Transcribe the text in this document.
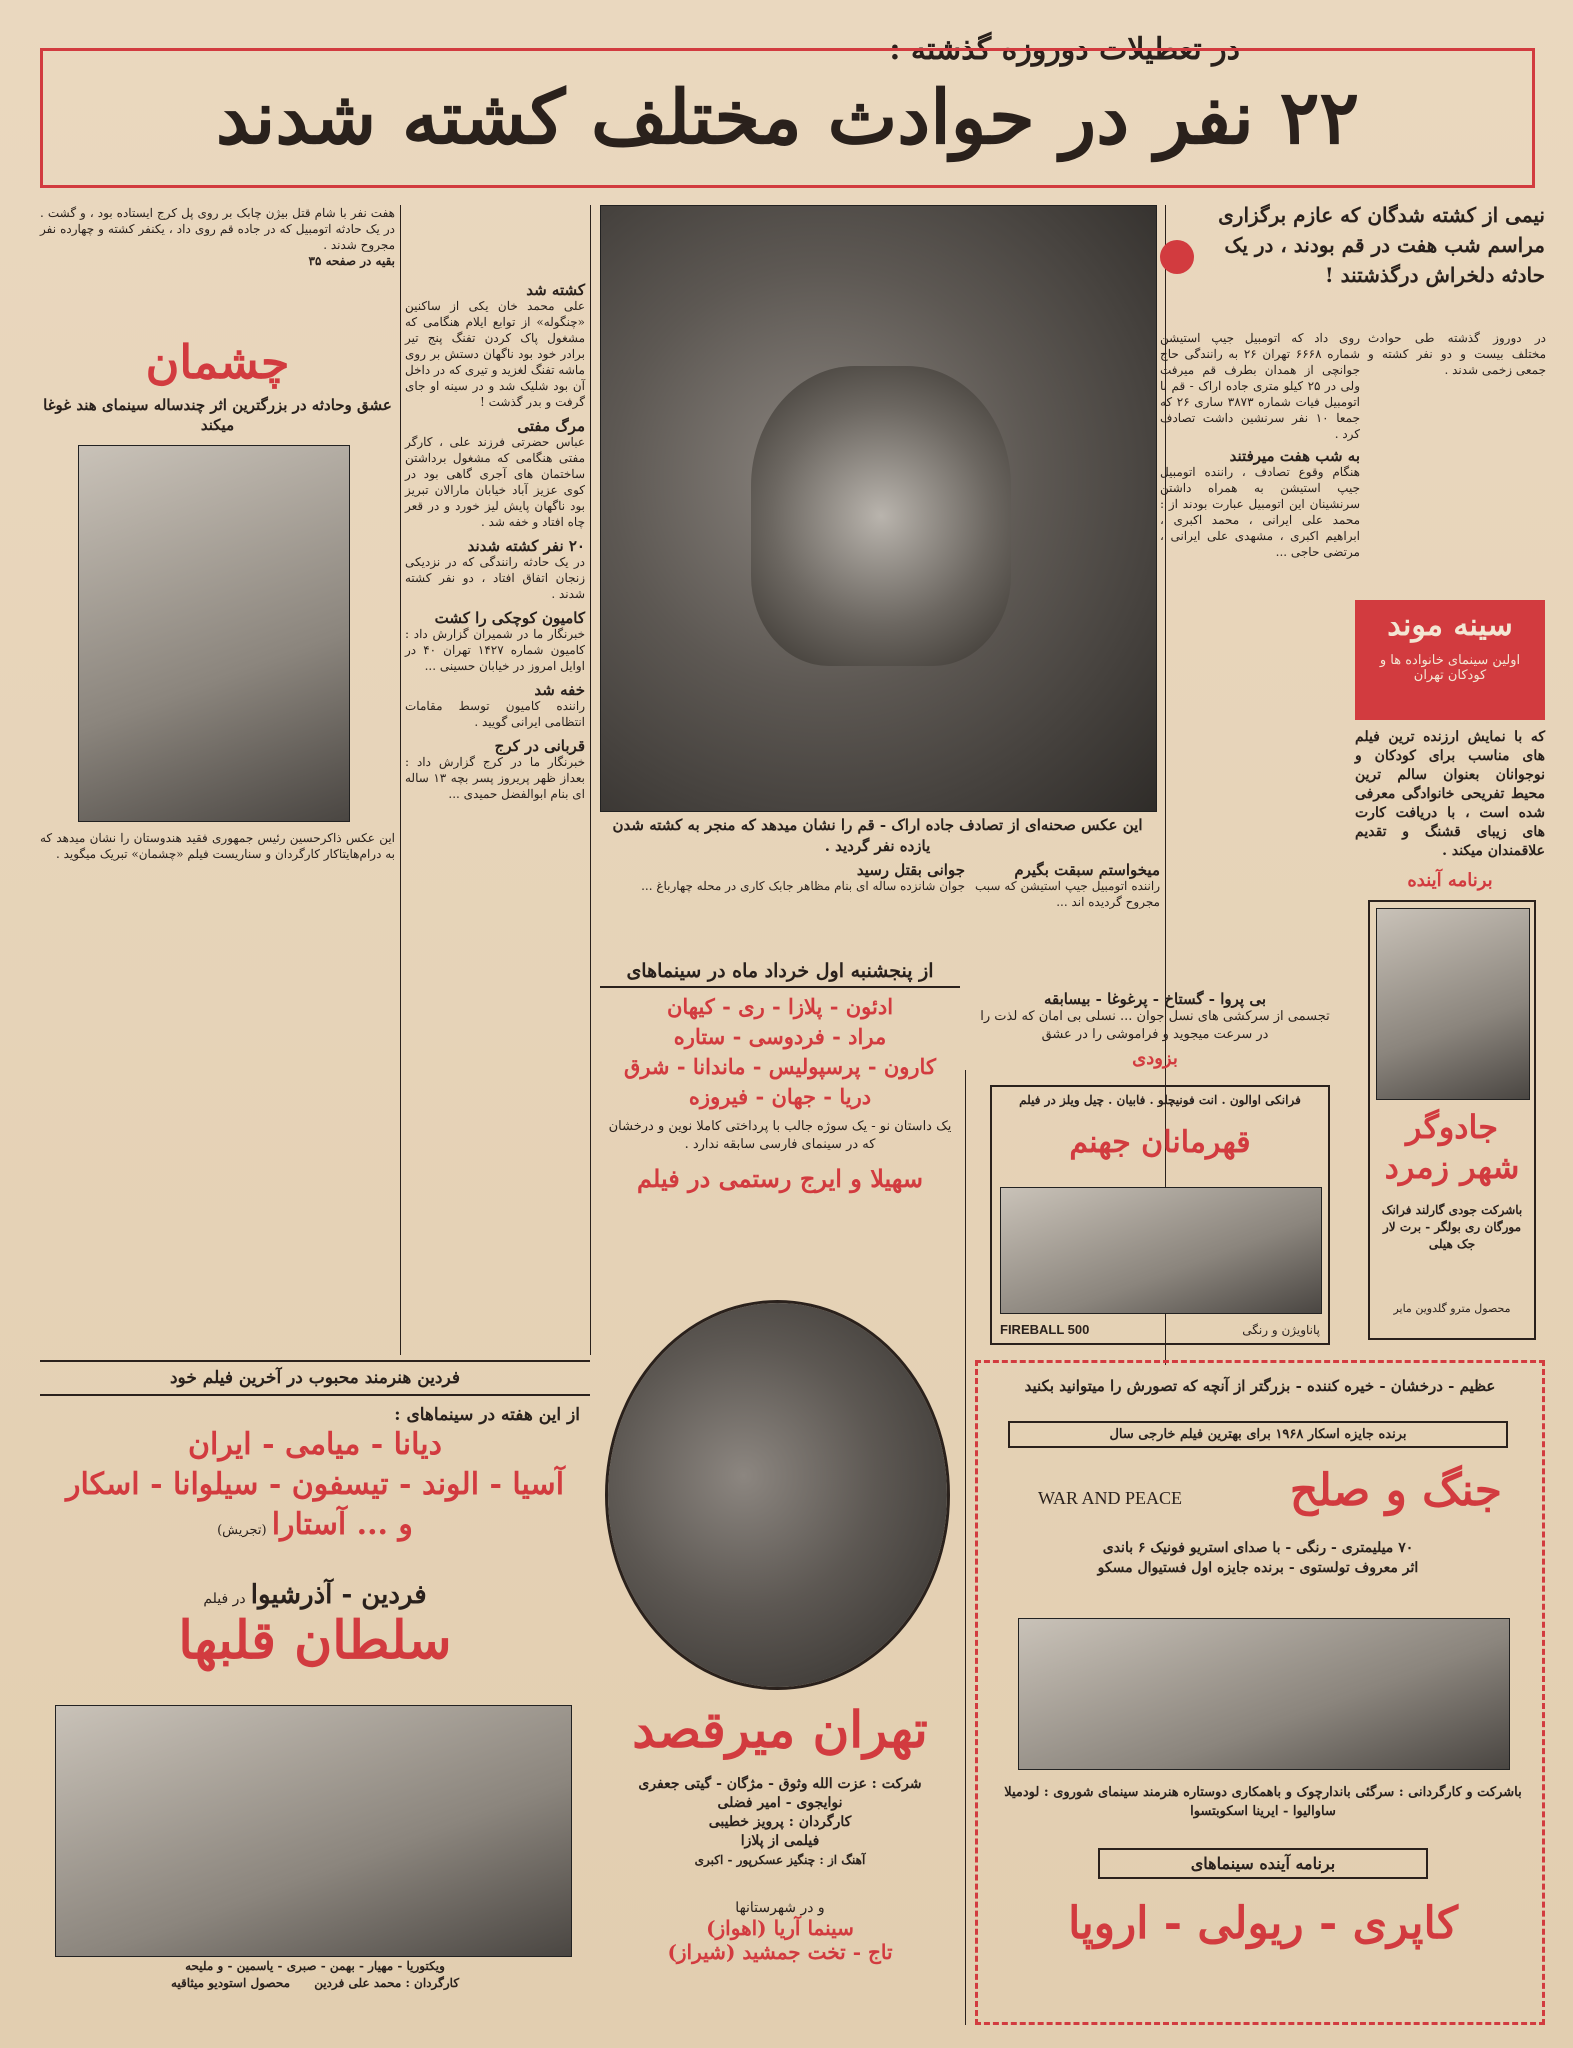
در تعطیلات دوروزه گذشته :
۲۲ نفر در حوادث مختلف کشته شدند
نیمی از کشته شدگان که عازم برگزاری مراسم شب هفت در قم بودند ، در یک حادثه دلخراش درگذشتند !
در دوروز گذشته طی حوادث مختلف بیست و دو نفر کشته و جمعی زخمی شدند .
روی داد که اتومبیل جیپ استیشن شماره ۶۶۶۸ تهران ۲۶ به رانندگی حاج جوانچی از همدان بطرف قم میرفت ولی در ۲۵ کیلو متری جاده اراک - قم با اتومبیل فیات شماره ۳۸۷۳ ساری ۲۶ که جمعا ۱۰ نفر سرنشین داشت تصادف کرد .
به شب هفت میرفتند
هنگام وقوع تصادف ، راننده اتومبیل جیپ استیشن به همراه داشتن سرنشینان این اتومبیل عبارت بودند از : محمد علی ایرانی ، محمد اکبری ، ابراهیم اکبری ، مشهدی علی ایرانی ، مرتضی حاجی ...
سینه موند
اولین سینمای خانواده ها و کودکان تهران
که با نمایش ارزنده ترین فیلم های مناسب برای کودکان و نوجوانان بعنوان سالم ترین محیط تفریحی خانوادگی معرفی شده است ، با دریافت کارت های زیبای قشنگ و تقدیم علاقمندان میکند .
برنامه آینده
جادوگر شهر زمرد
باشرکت جودی گارلند فرانک مورگان ری بولگر - برت لار جک هیلی
محصول مترو گلدوین مایر
این عکس صحنه‌ای از تصادف جاده اراک - قم را نشان میدهد که منجر به کشته شدن یازده نفر گردید .
کشته شد
علی محمد خان یکی از ساکنین «چنگوله» از توابع ایلام هنگامی که مشغول پاک کردن تفنگ پنج تیر برادر خود بود ناگهان دستش بر روی ماشه تفنگ لغزید و تیری که در داخل آن بود شلیک شد و در سینه او جای گرفت و بدر گذشت !
مرگ مفتی
عباس حضرتی فرزند علی ، کارگر مفتی هنگامی که مشغول برداشتن ساختمان های آجری گاهی بود در کوی عزیز آباد خیابان مارالان تبریز بود ناگهان پایش لیز خورد و در قعر چاه افتاد و خفه شد .
۲۰ نفر کشته شدند
در یک حادثه رانندگی که در نزدیکی زنجان اتفاق افتاد ، دو نفر کشته شدند .
کامیون کوچکی را کشت
خبرنگار ما در شمیران گزارش داد : کامیون شماره ۱۴۲۷ تهران ۴۰ در اوایل امروز در خیابان حسینی ...
خفه شد
راننده کامیون توسط مقامات انتظامی ایرانی گویید .
قربانی در کرج
خبرنگار ما در کرج گزارش داد : بعداز ظهر پریروز پسر بچه ۱۳ ساله ای بنام ابوالفضل حمیدی ...
هفت نفر با شام قتل بیژن چابک بر روی پل کرج ایستاده بود ، و گشت . در یک حادثه اتومبیل که در جاده قم روی داد ، یکنفر کشته و چهارده نفر مجروح شدند .
بقیه در صفحه ۳۵
چشمان
عشق وحادثه در بزرگترین اثر چندساله سینمای هند غوغا میکند
این عکس ذاکرحسین رئیس جمهوری فقید هندوستان را نشان میدهد که به درام‌هایتاکار کارگردان و سناریست فیلم «چشمان» تبریک میگوید .
جوانی بقتل رسید
جوان شانزده ساله ای بنام مظاهر جابک کاری در محله چهارباغ ...
میخواستم سبقت بگیرم
راننده اتومبیل جیپ استیشن که سبب مجروح گردیده اند ...
از پنجشنبه اول خرداد ماه در سینماهای
ادئون - پلازا - ری - کیهان
مراد - فردوسی - ستاره
کارون - پرسپولیس - ماندانا - شرق
دریا - جهان - فیروزه
یک داستان نو - یک سوژه جالب با پرداختی کاملا نوین و درخشان که در سینمای فارسی سابقه ندارد .
سهیلا و ایرج رستمی در فیلم
تهران میرقصد
شرکت : عزت الله وثوق - مژگان - گیتی جعفری
نوایجوی - امیر فضلی
کارگردان : پرویز خطیبی
فیلمی از پلازا
آهنگ از : چنگیز عسکرپور - اکبری
و در شهرستانها
سینما آریا (اهواز)
تاج - تخت جمشید (شیراز)
بی پروا - گستاخ - پرغوغا - بیسابقه
تجسمی از سرکشی های نسل جوان ... نسلی بی امان که لذت را در سرعت میجوید و فراموشی را در عشق
بزودی
فرانکی اوالون . انت فونیچلو . فابیان . چیل ویلز در فیلم
قهرمانان جهنم
FIREBALL 500	پاناویژن و رنگی
عظیم - درخشان - خیره کننده - بزرگتر از آنچه که تصورش را میتوانید بکنید
برنده جایزه اسکار ۱۹۶۸ برای بهترین فیلم خارجی سال
جنگ و صلح
WAR AND PEACE
۷۰ میلیمتری - رنگی - با صدای استریو فونیک ۶ باندی
اثر معروف تولستوی - برنده جایزه اول فستیوال مسکو
باشرکت و کارگردانی : سرگئی باندارچوک و باهمکاری دوستاره هنرمند سینمای شوروی : لودمیلا ساوالیوا - ایرینا اسکوبتسوا
برنامه آینده سینماهای
کاپری - ریولی - اروپا
فردین هنرمند محبوب در آخرین فیلم خود
از این هفته در سینماهای :
دیانا - میامی - ایران
آسیا - الوند - تیسفون - سیلوانا - اسکار
و ... آستارا (تجریش)
فردین - آذرشیوا در فیلم
سلطان قلبها
ویکتوریا - مهیار - بهمن - صبری - یاسمین - و ملیحه
کارگردان : محمد علی فردین محصول استودیو میثاقیه
